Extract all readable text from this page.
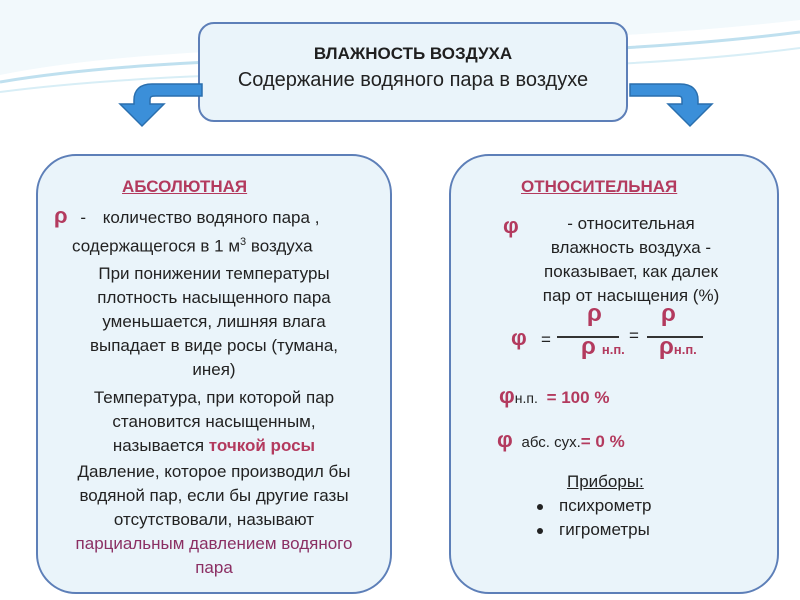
ВЛАЖНОСТЬ ВОЗДУХА
Содержание водяного пара в воздухе
АБСОЛЮТНАЯ
ρ - количество водяного пара ,
содержащегося в 1 $м^3$ воздуха
При понижении температуры
плотность насыщенного пара
уменьшается, лишняя влага
выпадает в виде росы (тумана,
инея)
Температура, при которой пар
становится насыщенным,
называется точкой росы
Давление, которое производил бы
водяной пар, если бы другие газы
отсутствовали, называют
парциальным давлением водяного
пара
ОТНОСИТЕЛЬНАЯ
φ	- относительная
влажность воздуха -
показывает, как далек
пар от насыщения (%)
φ =
ρ
ρн.п.
=
ρ
ρн.п.
φн.п. = 100 %
φ абс. сух.= 0 %
Приборы:
психрометр
гигрометры
